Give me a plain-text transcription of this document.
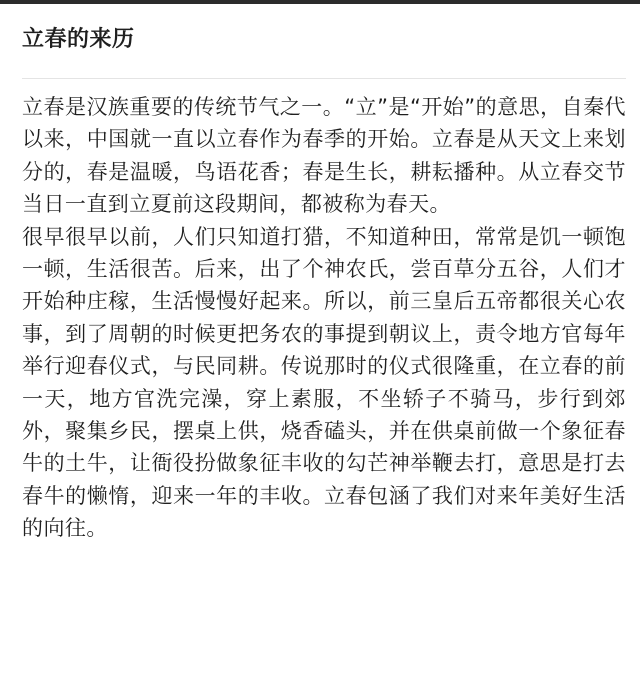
立春的来历

立春是汉族重要的传统节气之一。“立”是“开始”的意思，自秦代以来，中国就一直以立春作为春季的开始。立春是从天文上来划分的，春是温暖，鸟语花香；春是生长，耕耘播种。从立春交节当日一直到立夏前这段期间，都被称为春天。

很早很早以前，人们只知道打猎，不知道种田，常常是饥一顿饱一顿，生活很苦。后来，出了个神农氏，尝百草分五谷，人们才开始种庄稼，生活慢慢好起来。所以，前三皇后五帝都很关心农事，到了周朝的时候更把务农的事提到朝议上，责令地方官每年举行迎春仪式，与民同耕。传说那时的仪式很隆重，在立春的前一天，地方官洗完澡，穿上素服，不坐轿子不骑马，步行到郊外，聚集乡民，摆桌上供，烧香磕头，并在供桌前做一个象征春牛的土牛，让衙役扮做象征丰收的勾芒神举鞭去打，意思是打去春牛的懒惰，迎来一年的丰收。立春包涵了我们对来年美好生活的向往。
